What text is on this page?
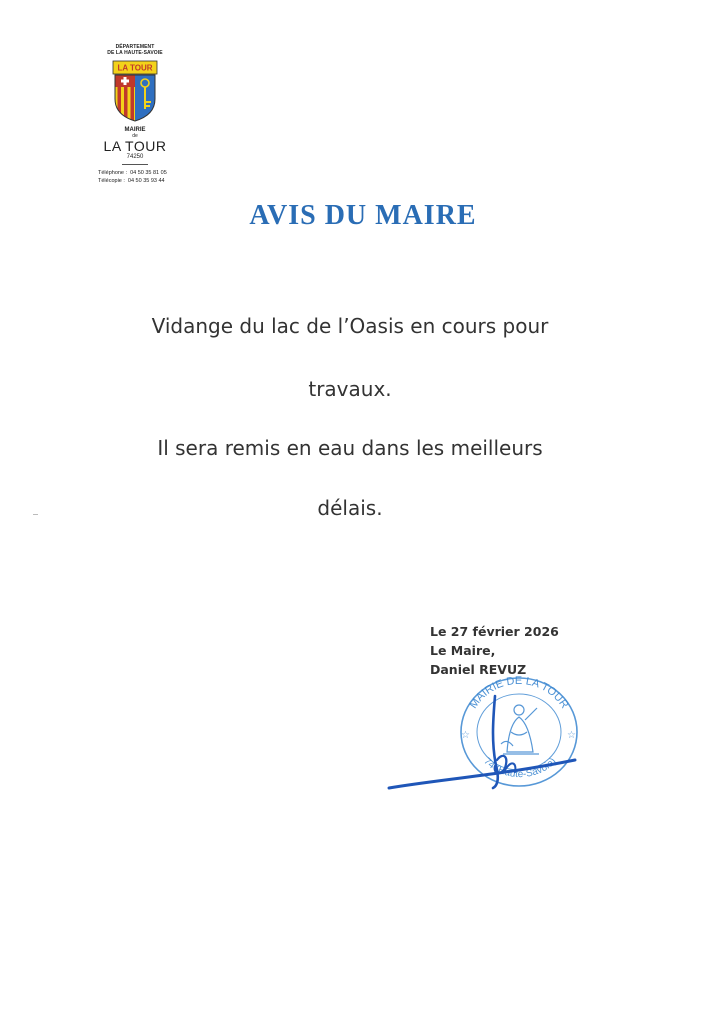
DÉPARTEMENT
DE LA HAUTE-SAVOIE
LA TOUR
MAIRIE
de
LA TOUR
74250
Téléphone : 04 50 35 81 05
Télécopie : 04 50 35 93 44
AVIS DU MAIRE

Vidange du lac de l’Oasis en cours pour

travaux.

Il sera remis en eau dans les meilleurs

délais.

Le 27 février 2026
Le Maire,
Daniel REVUZ
MAIRIE DE LA TOUR
74 (Haute-Savoie)
☆
☆
